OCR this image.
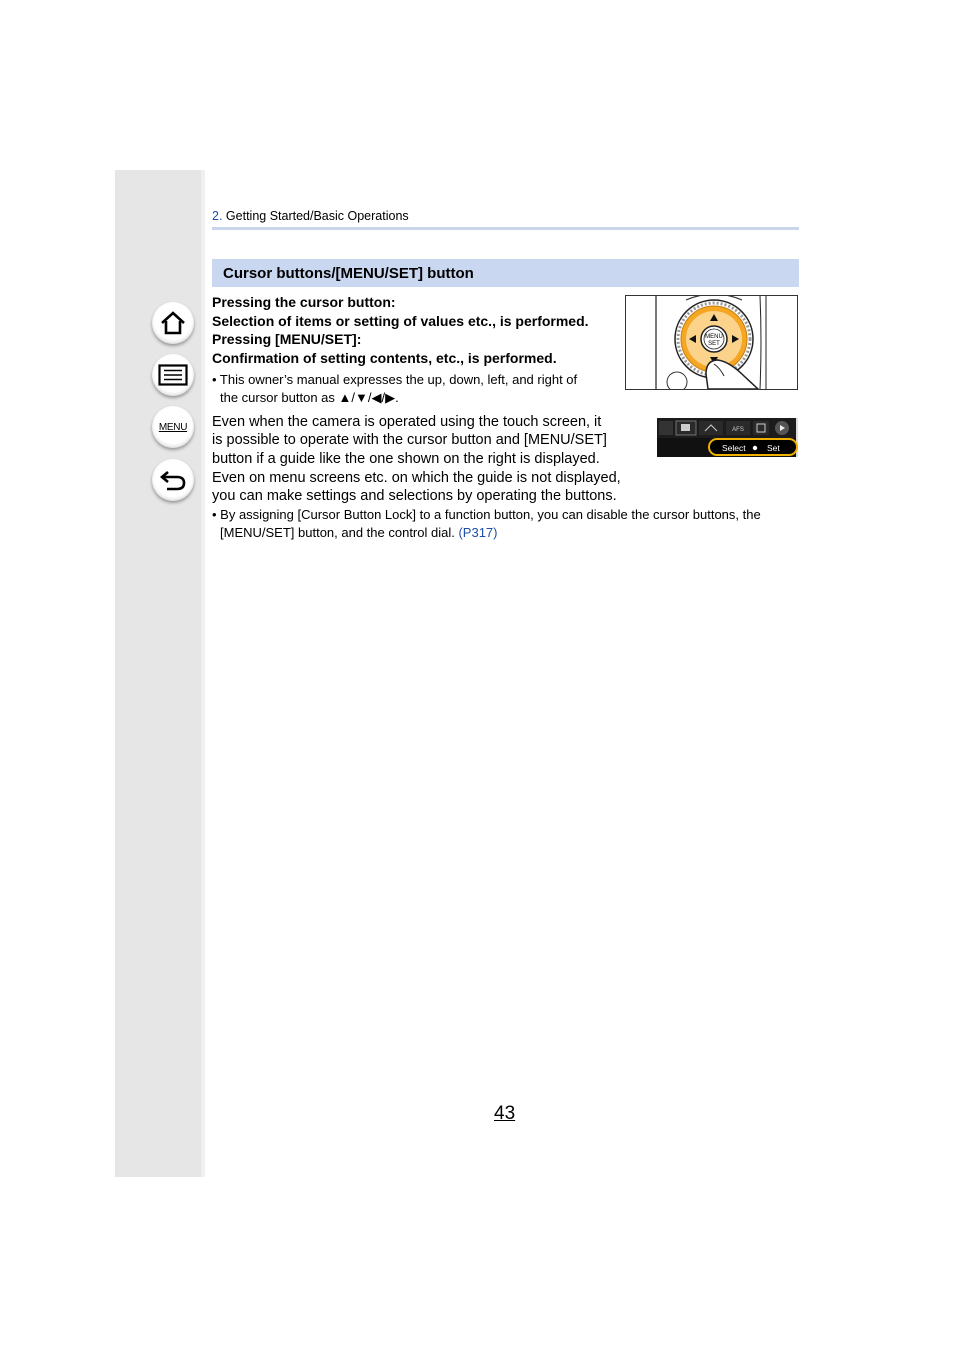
MENU
2. Getting Started/Basic Operations
Cursor buttons/[MENU/SET] button
Pressing the cursor button:
Selection of items or setting of values etc., is performed.
Pressing [MENU/SET]:
Confirmation of setting contents, etc., is performed.
• This owner’s manual expresses the up, down, left, and right of
the cursor button as ▲/▼/◀/▶.
Even when the camera is operated using the touch screen, it
is possible to operate with the cursor button and [MENU/SET]
button if a guide like the one shown on the right is displayed.
Even on menu screens etc. on which the guide is not displayed,
you can make settings and selections by operating the buttons.
• By assigning [Cursor Button Lock] to a function button, you can disable the cursor buttons, the
[MENU/SET] button, and the control dial. (P317)
MENU
SET
AFS
Select	Set
43
